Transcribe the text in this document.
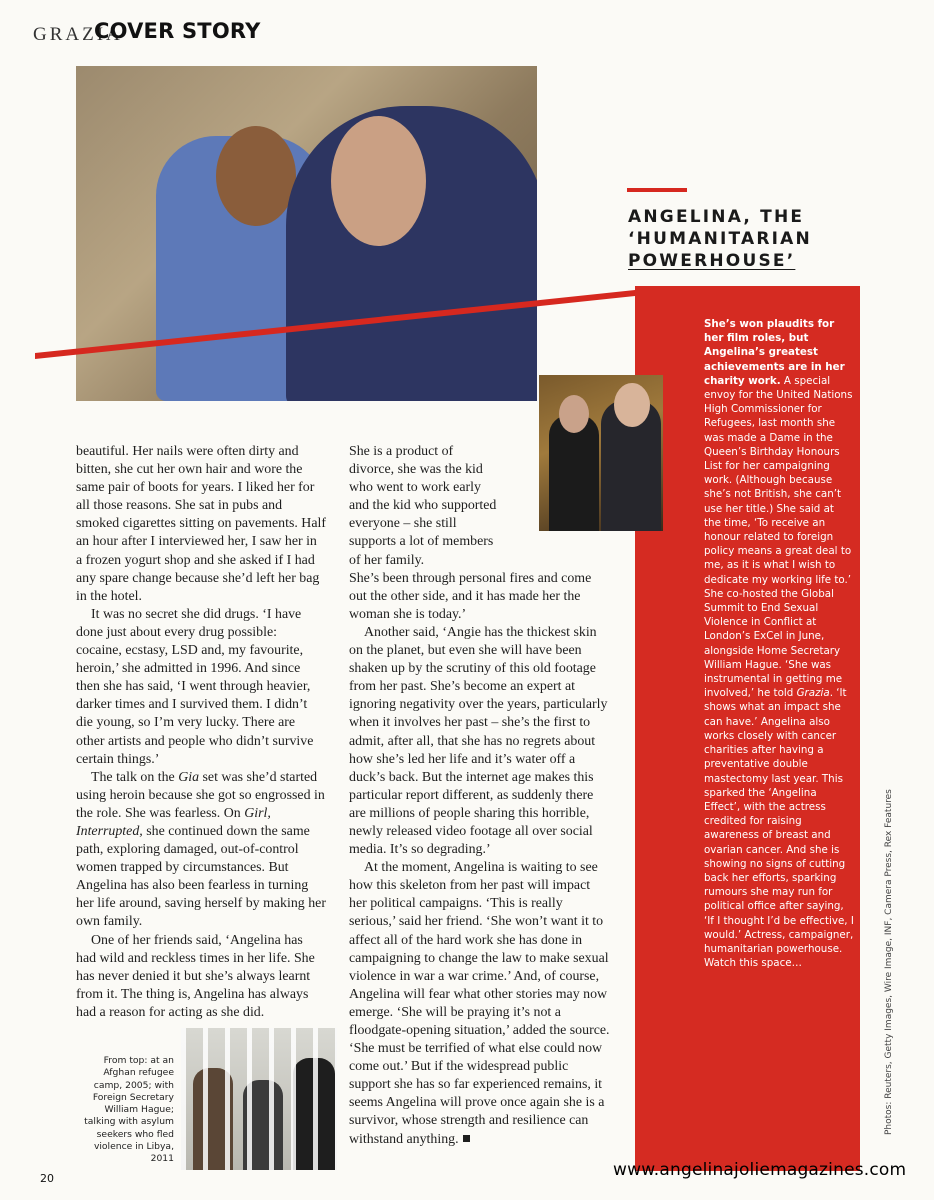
GRAZIA
COVER STORY
ANGELINA, THE
‘HUMANITARIAN
POWERHOUSE’
She’s won plaudits for her film roles, but Angelina’s greatest achievements are in her charity work. A special envoy for the United Nations High Commissioner for Refugees, last month she was made a Dame in the Queen’s Birthday Honours List for her campaigning work. (Although because she’s not British, she can’t use her title.) She said at the time, ‘To receive an honour related to foreign policy means a great deal to me, as it is what I wish to dedicate my working life to.’ She co-hosted the Global Summit to End Sexual Violence in Conflict at London’s ExCel in June, alongside Home Secretary William Hague. ‘She was instrumental in getting me involved,’ he told Grazia. ‘It shows what an impact she can have.’ Angelina also works closely with cancer charities after having a preventative double mastectomy last year. This sparked the ‘Angelina Effect’, with the actress credited for raising awareness of breast and ovarian cancer. And she is showing no signs of cutting back her efforts, sparking rumours she may run for political office after saying, ‘If I thought I’d be effective, I would.’ Actress, campaigner, humanitarian powerhouse. Watch this space…

beautiful. Her nails were often dirty and bitten, she cut her own hair and wore the same pair of boots for years. I liked her for all those reasons. She sat in pubs and smoked cigarettes sitting on pavements. Half an hour after I interviewed her, I saw her in a frozen yogurt shop and she asked if I had any spare change because she’d left her bag in the hotel.

It was no secret she did drugs. ‘I have done just about every drug possible: cocaine, ecstasy, LSD and, my favourite, heroin,’ she admitted in 1996. And since then she has said, ‘I went through heavier, darker times and I survived them. I didn’t die young, so I’m very lucky. There are other artists and people who didn’t survive certain things.’

The talk on the Gia set was she’d started using heroin because she got so engrossed in the role. She was fearless. On Girl, Interrupted, she continued down the same path, exploring damaged, out-of-control women trapped by circumstances. But Angelina has also been fearless in turning her life around, saving herself by making her own family.

One of her friends said, ‘Angelina has had wild and reckless times in her life. She has never denied it but she’s always learnt from it. The thing is, Angelina has always had a reason for acting as she did.

She is a product of divorce, she was the kid who went to work early and the kid who supported everyone – she still supports a lot of members of her family.

She’s been through personal fires and come out the other side, and it has made her the woman she is today.’

Another said, ‘Angie has the thickest skin on the planet, but even she will have been shaken up by the scrutiny of this old footage from her past. She’s become an expert at ignoring negativity over the years, particularly when it involves her past – she’s the first to admit, after all, that she has no regrets about how she’s led her life and it’s water off a duck’s back. But the internet age makes this particular report different, as suddenly there are millions of people sharing this horrible, newly released video footage all over social media. It’s so degrading.’

At the moment, Angelina is waiting to see how this skeleton from her past will impact her political campaigns. ‘This is really serious,’ said her friend. ‘She won’t want it to affect all of the hard work she has done in campaigning to change the law to make sexual violence in war a war crime.’ And, of course, Angelina will fear what other stories may now emerge. ‘She will be praying it’s not a floodgate-opening situation,’ added the source. ‘She must be terrified of what else could now come out.’ But if the widespread public support she has so far experienced remains, it seems Angelina will prove once again she is a survivor, whose strength and resilience can withstand anything.

From top: at an Afghan refugee camp, 2005; with Foreign Secretary William Hague; talking with asylum seekers who fled violence in Libya, 2011
Photos: Reuters, Getty Images, Wire Image, INF, Camera Press, Rex Features
20	www.angelinajoliemagazines.com
